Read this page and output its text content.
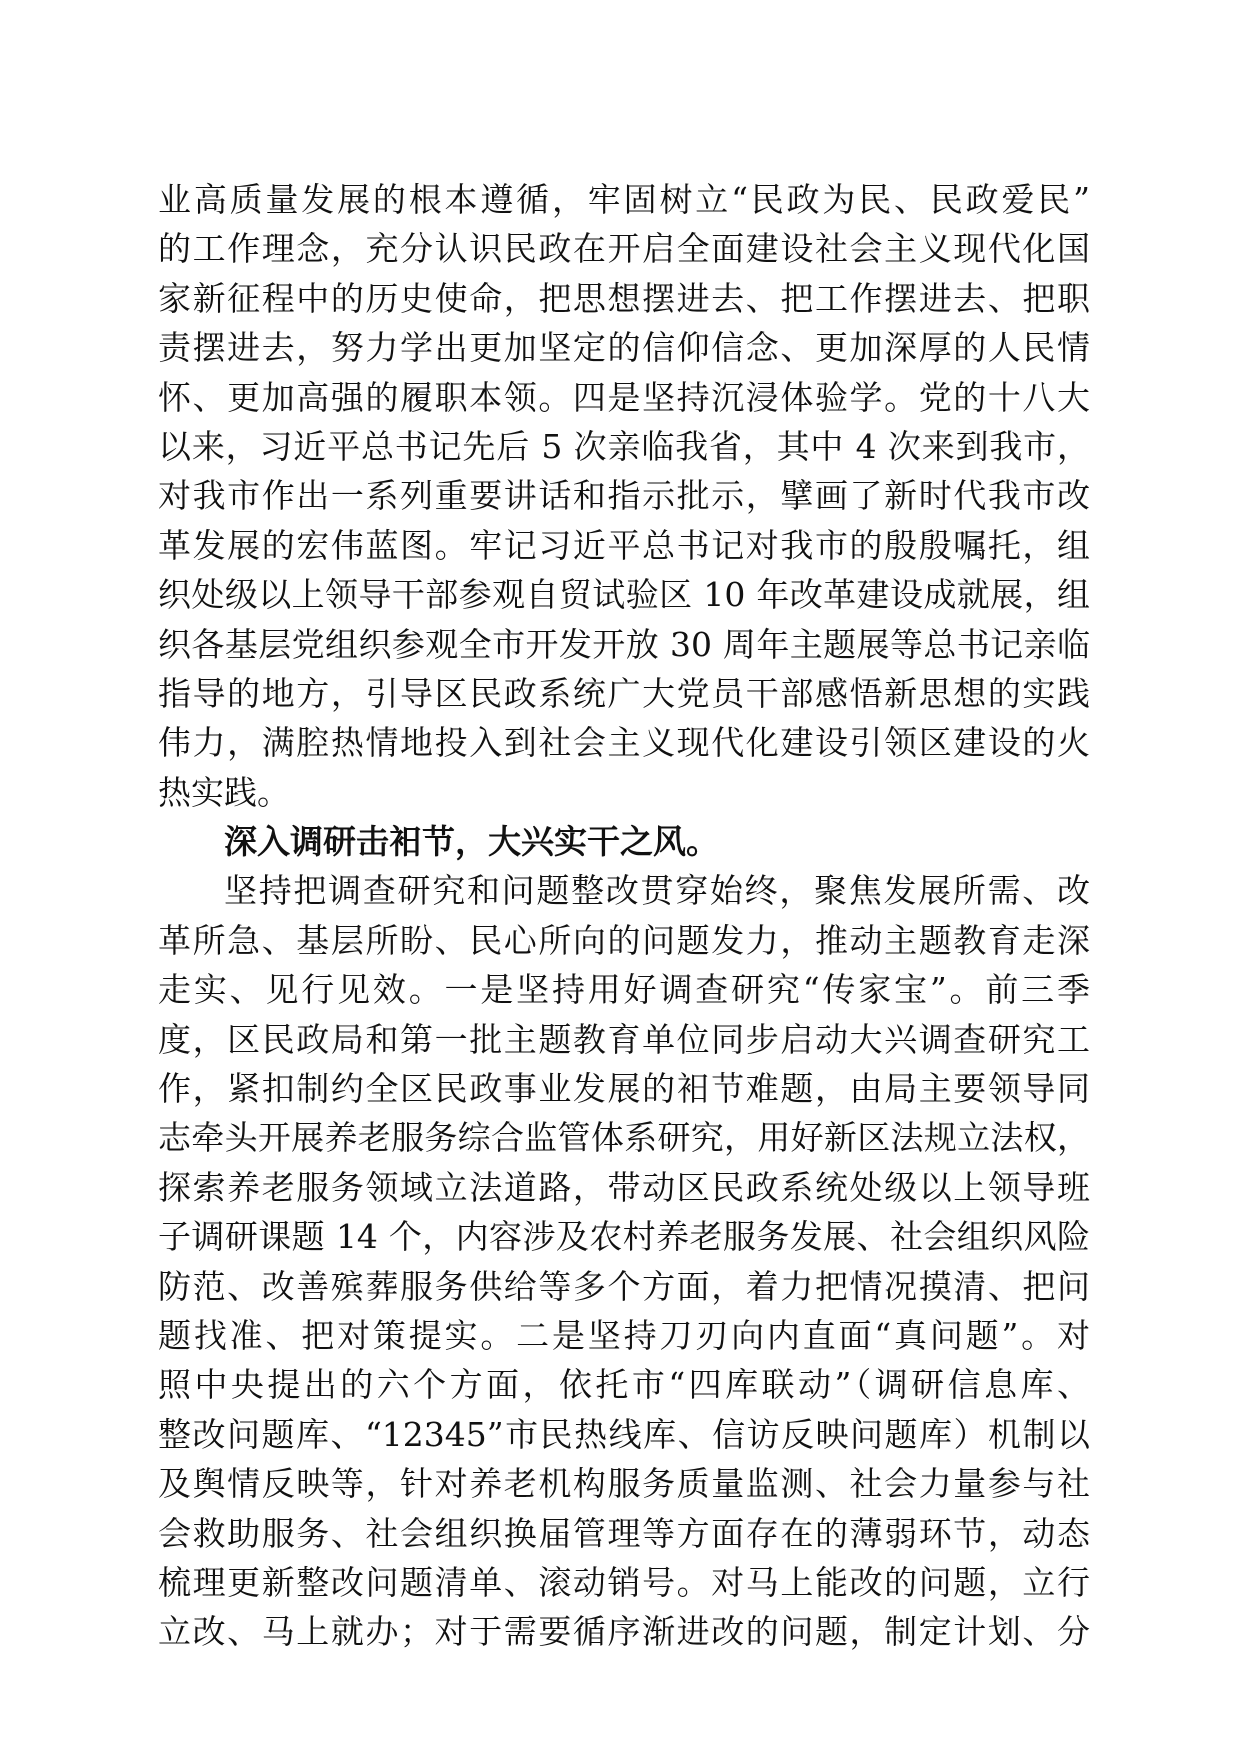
业高质量发展的根本遵循，牢固树立“民政为民、民政爱民”
的工作理念，充分认识民政在开启全面建设社会主义现代化国
家新征程中的历史使命，把思想摆进去、把工作摆进去、把职
责摆进去，努力学出更加坚定的信仰信念、更加深厚的人民情
怀、更加高强的履职本领。四是坚持沉浸体验学。党的十八大
以来，习近平总书记先后 5 次亲临我省，其中 4 次来到我市，
对我市作出一系列重要讲话和指示批示，擘画了新时代我市改
革发展的宏伟蓝图。牢记习近平总书记对我市的殷殷嘱托，组
织处级以上领导干部参观自贸试验区 10 年改革建设成就展，组
织各基层党组织参观全市开发开放 30 周年主题展等总书记亲临
指导的地方，引导区民政系统广大党员干部感悟新思想的实践
伟力，满腔热情地投入到社会主义现代化建设引领区建设的火
热实践。
深入调研击衵节，大兴实干之风。
坚持把调查研究和问题整改贯穿始终，聚焦发展所需、改
革所急、基层所盼、民心所向的问题发力，推动主题教育走深
走实、见行见效。一是坚持用好调查研究“传家宝”。前三季
度，区民政局和第一批主题教育单位同步启动大兴调查研究工
作，紧扣制约全区民政事业发展的衵节难题，由局主要领导同
志牵头开展养老服务综合监管体系研究，用好新区法规立法权，
探索养老服务领域立法道路，带动区民政系统处级以上领导班
子调研课题 14 个，内容涉及农村养老服务发展、社会组织风险
防范、改善殡葬服务供给等多个方面，着力把情况摸清、把问
题找准、把对策提实。二是坚持刀刃向内直面“真问题”。对
照中央提出的六个方面，依托市“四库联动”（调研信息库、
整改问题库、“12345”市民热线库、信访反映问题库）机制以
及舆情反映等，针对养老机构服务质量监测、社会力量参与社
会救助服务、社会组织换届管理等方面存在的薄弱环节，动态
梳理更新整改问题清单、滚动销号。对马上能改的问题，立行
立改、马上就办；对于需要循序渐进改的问题，制定计划、分
